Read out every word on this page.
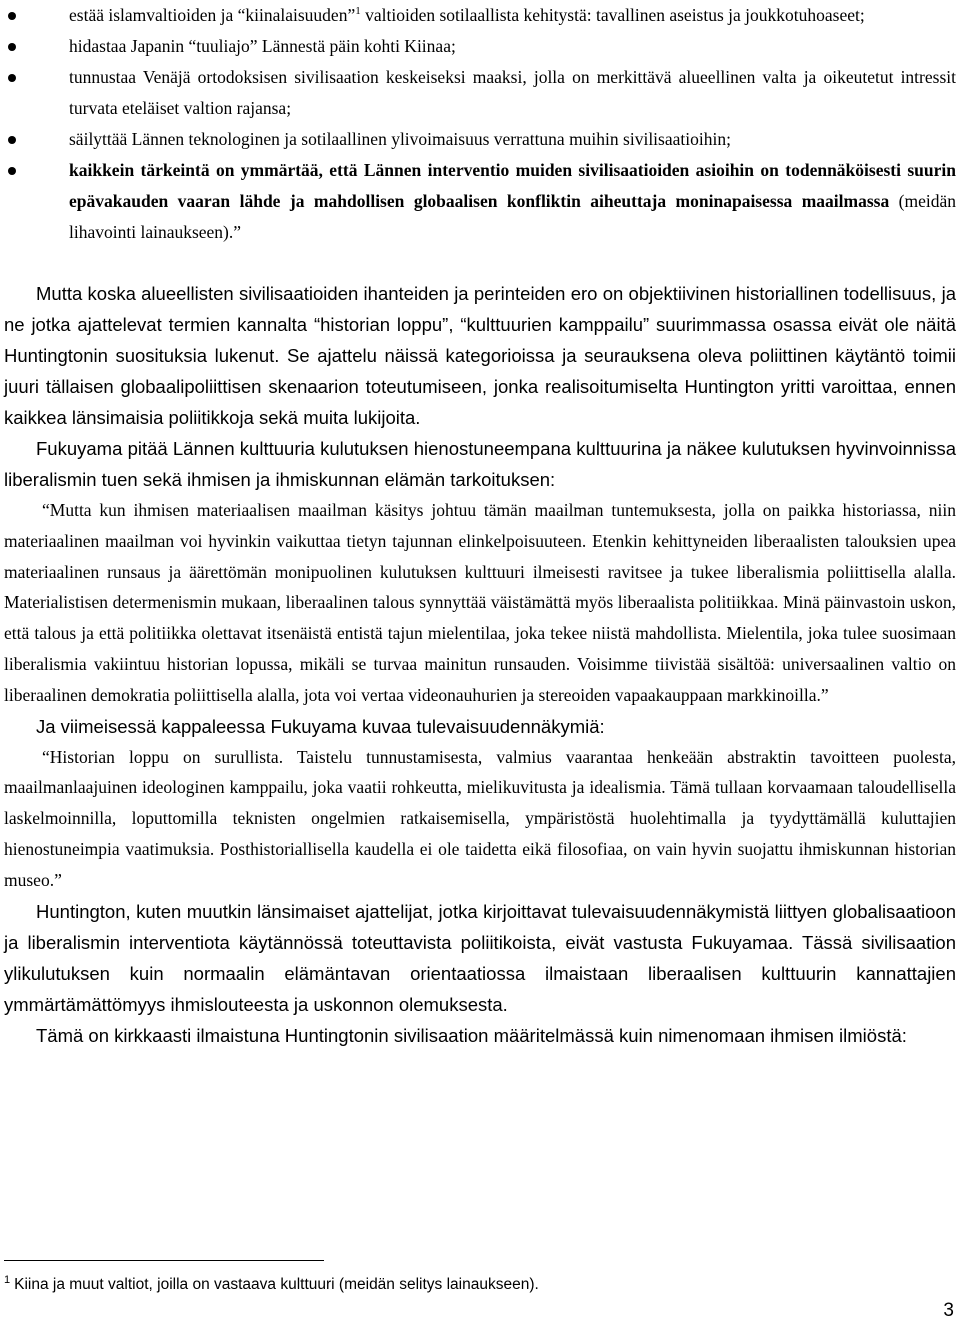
estää islamvaltioiden ja “kiinalaisuuden”$^1$ valtioiden sotilaallista kehitystä: tavallinen aseistus ja joukkotuhoaseet;
hidastaa Japanin “tuuliajo” Lännestä päin kohti Kiinaa;
tunnustaa Venäjä ortodoksisen sivilisaation keskeiseksi maaksi, jolla on merkittävä alueellinen valta ja oikeutetut intressit turvata eteläiset valtion rajansa;
säilyttää Lännen teknologinen ja sotilaallinen ylivoimaisuus verrattuna muihin sivilisaatioihin;
kaikkein tärkeintä on ymmärtää, että Lännen interventio muiden sivilisaatioiden asioihin on todennäköisesti suurin epävakauden vaaran lähde ja mahdollisen globaalisen konfliktin aiheuttaja moninapaisessa maailmassa (meidän lihavointi lainaukseen).”

Mutta koska alueellisten sivilisaatioiden ihanteiden ja perinteiden ero on objektiivinen historiallinen todellisuus, ja ne jotka ajattelevat termien kannalta “historian loppu”, “kulttuurien kamppailu” suurimmassa osassa eivät ole näitä Huntingtonin suosituksia lukenut. Se ajattelu näissä kategorioissa ja seurauksena oleva poliittinen käytäntö toimii juuri tällaisen globaalipoliittisen skenaarion toteutumiseen, jonka realisoitumiselta Huntington yritti varoittaa, ennen kaikkea länsimaisia poliitikkoja sekä muita lukijoita.

Fukuyama pitää Lännen kulttuuria kulutuksen hienostuneempana kulttuurina ja näkee kulutuksen hyvinvoinnissa liberalismin tuen sekä ihmisen ja ihmiskunnan elämän tarkoituksen:

“Mutta kun ihmisen materiaalisen maailman käsitys johtuu tämän maailman tuntemuksesta, jolla on paikka historiassa, niin materiaalinen maailman voi hyvinkin vaikuttaa tietyn tajunnan elinkelpoisuuteen. Etenkin kehittyneiden liberaalisten talouksien upea materiaalinen runsaus ja äärettömän monipuolinen kulutuksen kulttuuri ilmeisesti ravitsee ja tukee liberalismia poliittisella alalla. Materialistisen determenismin mukaan, liberaalinen talous synnyttää väistämättä myös liberaalista politiikkaa. Minä päinvastoin uskon, että talous ja että politiikka olettavat itsenäistä entistä tajun mielentilaa, joka tekee niistä mahdollista. Mielentila, joka tulee suosimaan liberalismia vakiintuu historian lopussa, mikäli se turvaa mainitun runsauden. Voisimme tiivistää sisältöä: universaalinen valtio on liberaalinen demokratia poliittisella alalla, jota voi vertaa videonauhurien ja stereoiden vapaakauppaan markkinoilla.”

Ja viimeisessä kappaleessa Fukuyama kuvaa tulevaisuudennäkymiä:

“Historian loppu on surullista. Taistelu tunnustamisesta, valmius vaarantaa henkeään abstraktin tavoitteen puolesta, maailmanlaajuinen ideologinen kamppailu, joka vaatii rohkeutta, mielikuvitusta ja idealismia. Tämä tullaan korvaamaan taloudellisella laskelmoinnilla, loputtomilla teknisten ongelmien ratkaisemisella, ympäristöstä huolehtimalla ja tyydyttämällä kuluttajien hienostuneimpia vaatimuksia. Posthistoriallisella kaudella ei ole taidetta eikä filosofiaa, on vain hyvin suojattu ihmiskunnan historian museo.”

Huntington, kuten muutkin länsimaiset ajattelijat, jotka kirjoittavat tulevaisuudennäkymistä liittyen globalisaatioon ja liberalismin interventiota käytännössä toteuttavista poliitikoista, eivät vastusta Fukuyamaa. Tässä sivilisaation ylikulutuksen kuin normaalin elämäntavan orientaatiossa ilmaistaan liberaalisen kulttuurin kannattajien ymmärtämättömyys ihmislouteesta ja uskonnon olemuksesta.

Tämä on kirkkaasti ilmaistuna Huntingtonin sivilisaation määritelmässä kuin nimenomaan ihmisen ilmiöstä:

$^1$ Kiina ja muut valtiot, joilla on vastaava kulttuuri (meidän selitys lainaukseen).
3
